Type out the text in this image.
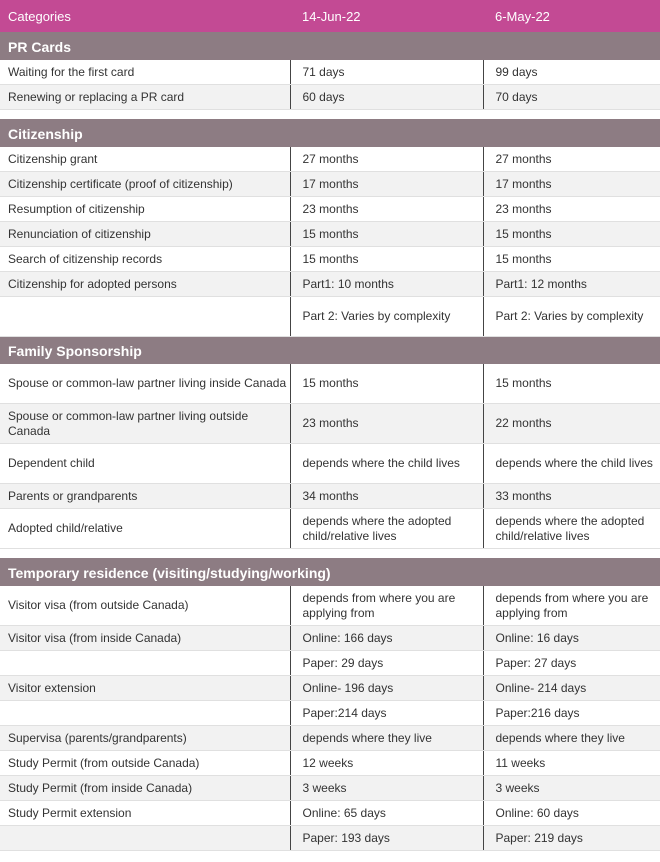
Categories	14-Jun-22	6-May-22
PR Cards		
Waiting for the first card	71 days	99 days
Renewing or replacing a PR card	60 days	70 days

Citizenship		
Citizenship grant	27 months	27 months
Citizenship certificate (proof of citizenship)	17 months	17 months
Resumption of citizenship	23 months	23 months
Renunciation of citizenship	15 months	15 months
Search of citizenship records	15 months	15 months
Citizenship for adopted persons	Part1: 10 months	Part1: 12 months
	Part 2: Varies by complexity	Part 2: Varies by complexity
Family Sponsorship		
Spouse or common-law partner living inside Canada	15 months	15 months
Spouse or common-law partner living outside Canada	23 months	22 months
Dependent child	depends where the child lives	depends where the child lives
Parents or grandparents	34 months	33 months
Adopted child/relative	depends where the adopted child/relative lives	depends where the adopted child/relative lives

Temporary residence (visiting/studying/working)		
Visitor visa (from outside Canada)	depends from where you are applying from	depends from where you are applying from
Visitor visa (from inside Canada)	Online: 166 days	Online: 16 days
	Paper: 29 days	Paper: 27 days
Visitor extension	Online- 196 days	Online- 214 days
	Paper:214 days	Paper:216 days
Supervisa (parents/grandparents)	depends where they live	depends where they live
Study Permit (from outside Canada)	12 weeks	11 weeks
Study Permit (from inside Canada)	3 weeks	3 weeks
Study Permit extension	Online: 65 days	Online: 60 days
	Paper: 193 days	Paper: 219 days
